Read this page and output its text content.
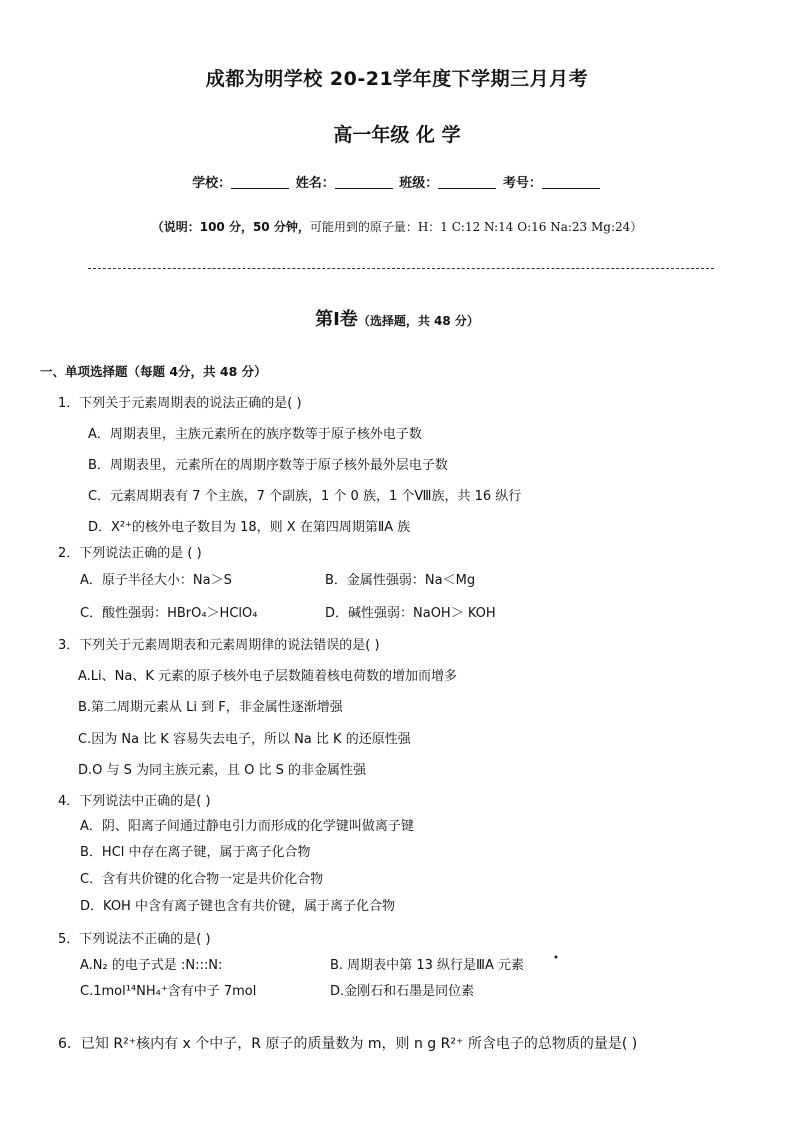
成都为明学校 20-21学年度下学期三月月考
高一年级 化 学
学校：	姓名：	班级：	考号：
（说明：100 分，50 分钟，可能用到的原子量：H：1 C:12 N:14 O:16 Na:23 Mg:24）
第Ⅰ卷（选择题，共 48 分）
一、单项选择题（每题 4分，共 48 分）
1．下列关于元素周期表的说法正确的是( )
A．周期表里，主族元素所在的族序数等于原子核外电子数
B．周期表里，元素所在的周期序数等于原子核外最外层电子数
C．元素周期表有 7 个主族，7 个副族，1 个 0 族，1 个Ⅷ族，共 16 纵行
D．X²⁺的核外电子数目为 18，则 X 在第四周期第ⅡA 族
2．下列说法正确的是 ( )
A．原子半径大小：Na＞S	B．金属性强弱：Na＜Mg
C．酸性强弱：HBrO₄＞HClO₄	D．碱性强弱：NaOH＞ KOH
3．下列关于元素周期表和元素周期律的说法错误的是( )
A.Li、Na、K 元素的原子核外电子层数随着核电荷数的增加而增多
B.第二周期元素从 Li 到 F，非金属性逐渐增强
C.因为 Na 比 K 容易失去电子，所以 Na 比 K 的还原性强
D.O 与 S 为同主族元素，且 O 比 S 的非金属性强
4．下列说法中正确的是( )
A．阴、阳离子间通过静电引力而形成的化学键叫做离子键
B．HCl 中存在离子键，属于离子化合物
C．含有共价键的化合物一定是共价化合物
D．KOH 中含有离子键也含有共价键，属于离子化合物
5．下列说法不正确的是( )
A.N₂ 的电子式是 :N:::N:	B. 周期表中第 13 纵行是ⅢA 元素	•
C.1mol¹⁴NH₄⁺含有中子 7mol	D.金刚石和石墨是同位素
6．已知 R²⁺核内有 x 个中子，R 原子的质量数为 m，则 n g R²⁺ 所含电子的总物质的量是( )
